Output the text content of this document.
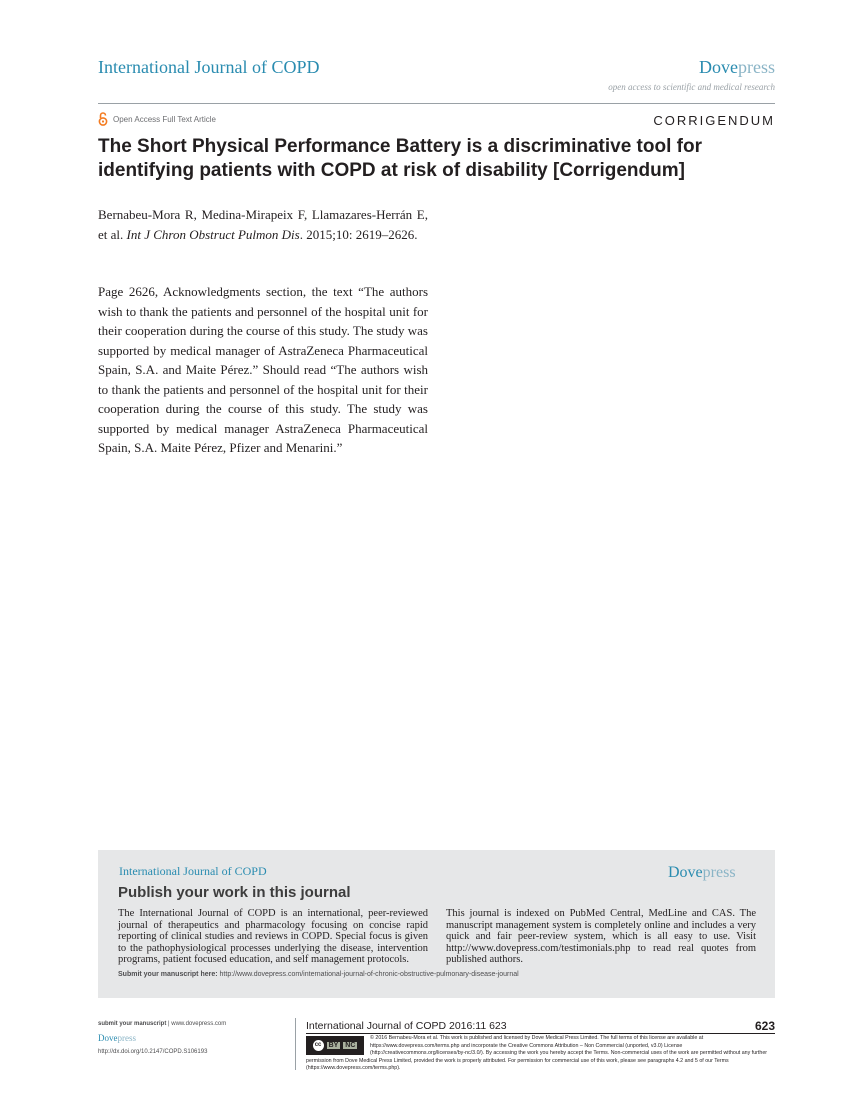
International Journal of COPD	Dovepress
open access to scientific and medical research
Open Access Full Text Article	CORRIGENDUM
The Short Physical Performance Battery is a discriminative tool for identifying patients with COPD at risk of disability [Corrigendum]
Bernabeu-Mora R, Medina-Mirapeix F, Llamazares-Herrán E, et al. Int J Chron Obstruct Pulmon Dis. 2015;10: 2619–2626.
Page 2626, Acknowledgments section, the text “The authors wish to thank the patients and personnel of the hospital unit for their cooperation during the course of this study. The study was supported by medical manager of AstraZeneca Pharmaceutical Spain, S.A. and Maite Pérez.” Should read “The authors wish to thank the patients and personnel of the hospital unit for their cooperation during the course of this study. The study was supported by medical manager AstraZeneca Pharmaceutical Spain, S.A. Maite Pérez, Pfizer and Menarini.”
International Journal of COPD	Dovepress
Publish your work in this journal
The International Journal of COPD is an international, peer-reviewed journal of therapeutics and pharmacology focusing on concise rapid reporting of clinical studies and reviews in COPD. Special focus is given to the pathophysiological processes underlying the disease, intervention programs, patient focused education, and self management protocols.
This journal is indexed on PubMed Central, MedLine and CAS. The manuscript management system is completely online and includes a very quick and fair peer-review system, which is all easy to use. Visit http://www.dovepress.com/testimonials.php to read real quotes from published authors.
Submit your manuscript here: http://www.dovepress.com/international-journal-of-chronic-obstructive-pulmonary-disease-journal
submit your manuscript | www.dovepress.com
Dovepress
http://dx.doi.org/10.2147/COPD.S106193
International Journal of COPD 2016:11 623	623
cc	BY NC
© 2016 Bernabeu-Mora et al. This work is published and licensed by Dove Medical Press Limited. The full terms of this license are available at https://www.dovepress.com/terms.php and incorporate the Creative Commons Attribution – Non Commercial (unported, v3.0) License (http://creativecommons.org/licenses/by-nc/3.0/). By accessing the work you hereby accept the Terms. Non-commercial uses of the work are permitted without any further permission from Dove Medical Press Limited, provided the work is properly attributed. For permission for commercial use of this work, please see paragraphs 4.2 and 5 of our Terms (https://www.dovepress.com/terms.php).
